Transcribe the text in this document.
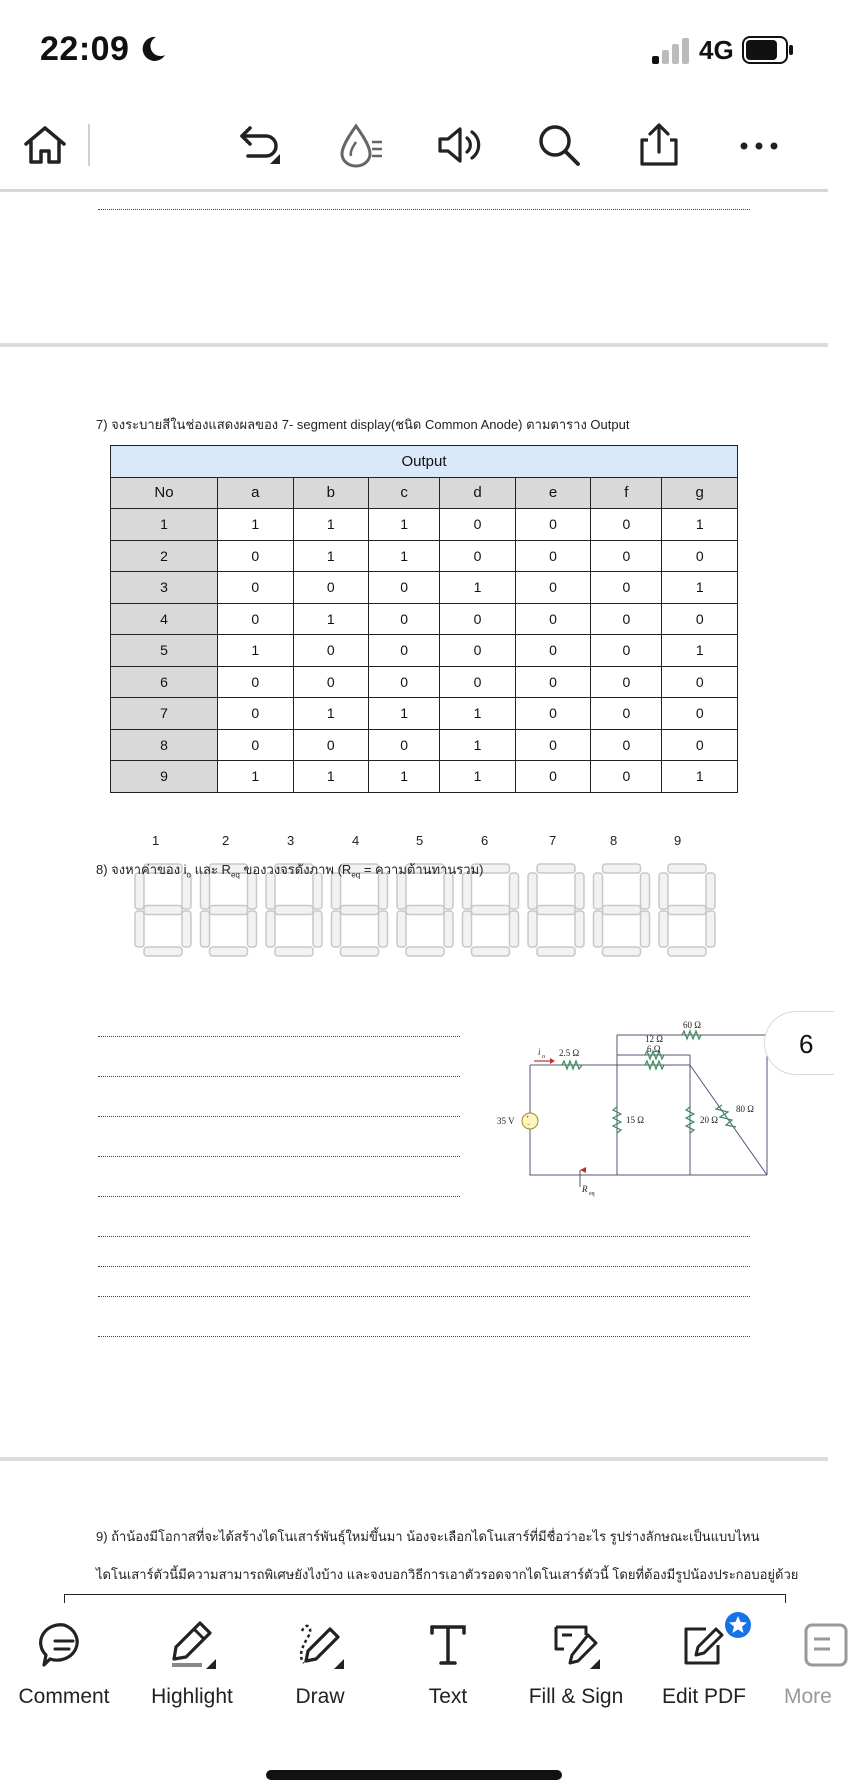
22:09	4G
7) จงระบายสีในช่องแสดงผลของ 7- segment display(ชนิด Common Anode) ตามตาราง Output
Output							
No	a	b	c	d	e	f	g
1	1	1	1	0	0	0	1
2	0	1	1	0	0	0	0
3	0	0	0	1	0	0	1
4	0	1	0	0	0	0	0
5	1	0	0	0	0	0	1
6	0	0	0	0	0	0	0
7	0	1	1	1	0	0	0
8	0	0	0	1	0	0	0
9	1	1	1	1	0	0	1
1	2	3	4	5	6	7	8	9
8) จงหาค่าของ $i_o$ และ $R_{eq}$ ของวงจรดังภาพ ($R_{eq}$ = ความต้านทานรวม)
+
−
35 V
i o 2.5 Ω
15 Ω
6 Ω
12 Ω
60 Ω
20 Ω
80 Ω
R eq
9) ถ้าน้องมีโอกาสที่จะได้สร้างไดโนเสาร์พันธุ์ใหม่ขึ้นมา น้องจะเลือกไดโนเสาร์ที่มีชื่อว่าอะไร รูปร่างลักษณะเป็นแบบไหน
ไดโนเสาร์ตัวนี้มีความสามารถพิเศษยังไงบ้าง และจงบอกวิธีการเอาตัวรอดจากไดโนเสาร์ตัวนี้ โดยที่ต้องมีรูปน้องประกอบอยู่ด้วย
6
Comment	Highlight	Draw	Text	Fill & Sign	Edit PDF	More
